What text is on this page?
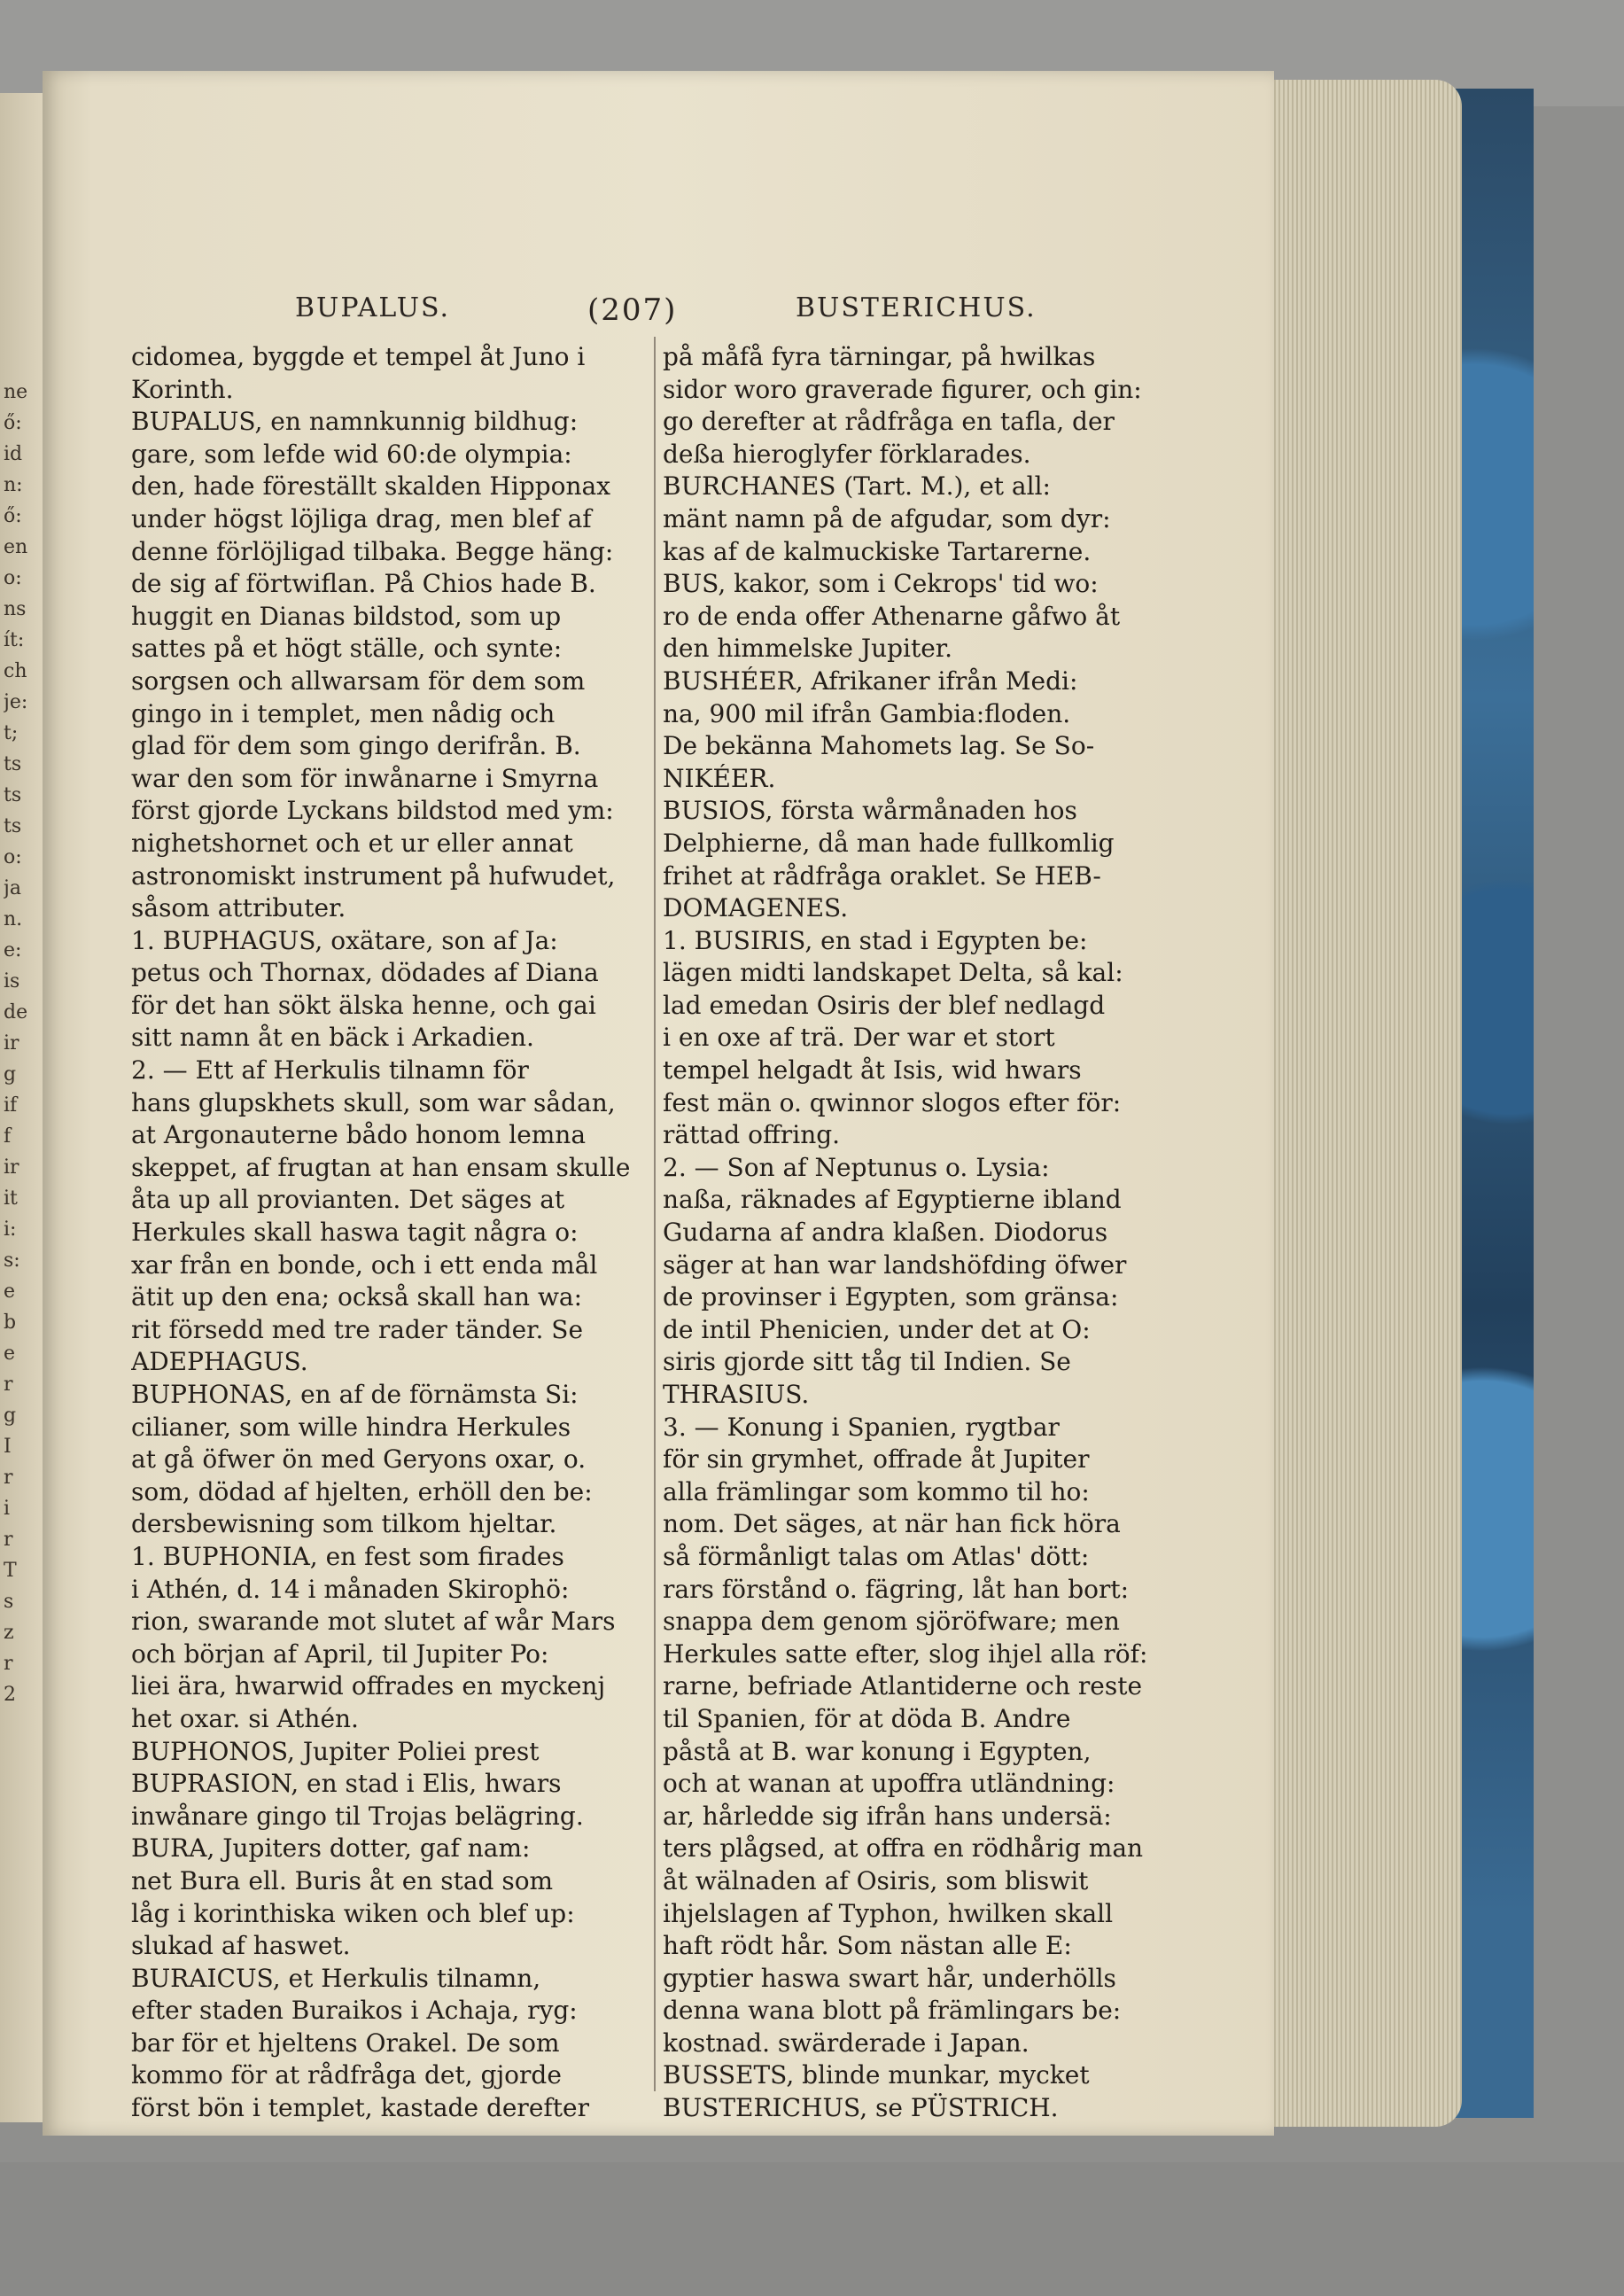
ne
ő:
id
n:
ő:
en
o:
ns
ít:
ch
je:
t;
ts
ts
ts
o:
ja
n.
e:
is
de
ir
g
if
f
ir
it
i:
s:
e
b
e
r
g
I
r
i
r
T
s
z
r
2
BUPALUS.	(207)	BUSTERICHUS.
cidomea, byggde et tempel åt Juno i
Korinth.
BUPALUS, en namnkunnig bildhug:
gare, som lefde wid 60:de olympia:
den, hade föreställt skalden Hipponax
under högst löjliga drag, men blef af
denne förlöjligad tilbaka. Begge häng:
de sig af förtwiflan. På Chios hade B.
huggit en Dianas bildstod, som up
sattes på et högt ställe, och synte:
sorgsen och allwarsam för dem som
gingo in i templet, men nådig och
glad för dem som gingo derifrån. B.
war den som för inwånarne i Smyrna
först gjorde Lyckans bildstod med ym:
nighetshornet och et ur eller annat
astronomiskt instrument på hufwudet,
såsom attributer.
1. BUPHAGUS, oxätare, son af Ja:
petus och Thornax, dödades af Diana
för det han sökt älska henne, och gai
sitt namn åt en bäck i Arkadien.
2. — Ett af Herkulis tilnamn för
hans glupskhets skull, som war sådan,
at Argonauterne bådo honom lemna
skeppet, af frugtan at han ensam skulle
åta up all provianten. Det säges at
Herkules skall haswa tagit några o:
xar från en bonde, och i ett enda mål
ätit up den ena; också skall han wa:
rit försedd med tre rader tänder. Se
ADEPHAGUS.
BUPHONAS, en af de förnämsta Si:
cilianer, som wille hindra Herkules
at gå öfwer ön med Geryons oxar, o.
som, dödad af hjelten, erhöll den be:
dersbewisning som tilkom hjeltar.
1. BUPHONIA, en fest som firades
i Athén, d. 14 i månaden Skirophö:
rion, swarande mot slutet af wår Mars
och början af April, til Jupiter Po:
liei ära, hwarwid offrades en myckenj
het oxar. si Athén.
BUPHONOS, Jupiter Poliei prest
BUPRASION, en stad i Elis, hwars
inwånare gingo til Trojas belägring.
BURA, Jupiters dotter, gaf nam:
net Bura ell. Buris åt en stad som
låg i korinthiska wiken och blef up:
slukad af haswet.
BURAICUS, et Herkulis tilnamn,
efter staden Buraikos i Achaja, ryg:
bar för et hjeltens Orakel. De som
kommo för at rådfråga det, gjorde
först bön i templet, kastade derefter
på måfå fyra tärningar, på hwilkas
sidor woro graverade figurer, och gin:
go derefter at rådfråga en tafla, der
deßa hieroglyfer förklarades.
BURCHANES (Tart. M.), et all:
mänt namn på de afgudar, som dyr:
kas af de kalmuckiske Tartarerne.
BUS, kakor, som i Cekrops' tid wo:
ro de enda offer Athenarne gåfwo åt
den himmelske Jupiter.
BUSHÉER, Afrikaner ifrån Medi:
na, 900 mil ifrån Gambia:floden.
De bekänna Mahomets lag. Se So-
NIKÉER.
BUSIOS, första wårmånaden hos
Delphierne, då man hade fullkomlig
frihet at rådfråga oraklet. Se HEB-
DOMAGENES.
1. BUSIRIS, en stad i Egypten be:
lägen midti landskapet Delta, så kal:
lad emedan Osiris der blef nedlagd
i en oxe af trä. Der war et stort
tempel helgadt åt Isis, wid hwars
fest män o. qwinnor slogos efter för:
rättad offring.
2. — Son af Neptunus o. Lysia:
naßa, räknades af Egyptierne ibland
Gudarna af andra klaßen. Diodorus
säger at han war landshöfding öfwer
de provinser i Egypten, som gränsa:
de intil Phenicien, under det at O:
siris gjorde sitt tåg til Indien. Se
THRASIUS.
3. — Konung i Spanien, rygtbar
för sin grymhet, offrade åt Jupiter
alla främlingar som kommo til ho:
nom. Det säges, at när han fick höra
så förmånligt talas om Atlas' dött:
rars förstånd o. fägring, låt han bort:
snappa dem genom sjöröfware; men
Herkules satte efter, slog ihjel alla röf:
rarne, befriade Atlantiderne och reste
til Spanien, för at döda B. Andre
påstå at B. war konung i Egypten,
och at wanan at upoffra utländning:
ar, hårledde sig ifrån hans undersä:
ters plågsed, at offra en rödhårig man
åt wälnaden af Osiris, som bliswit
ihjelslagen af Typhon, hwilken skall
haft rödt hår. Som nästan alle E:
gyptier haswa swart hår, underhölls
denna wana blott på främlingars be:
kostnad. swärderade i Japan.
BUSSETS, blinde munkar, mycket
BUSTERICHUS, se PÜSTRICH.
